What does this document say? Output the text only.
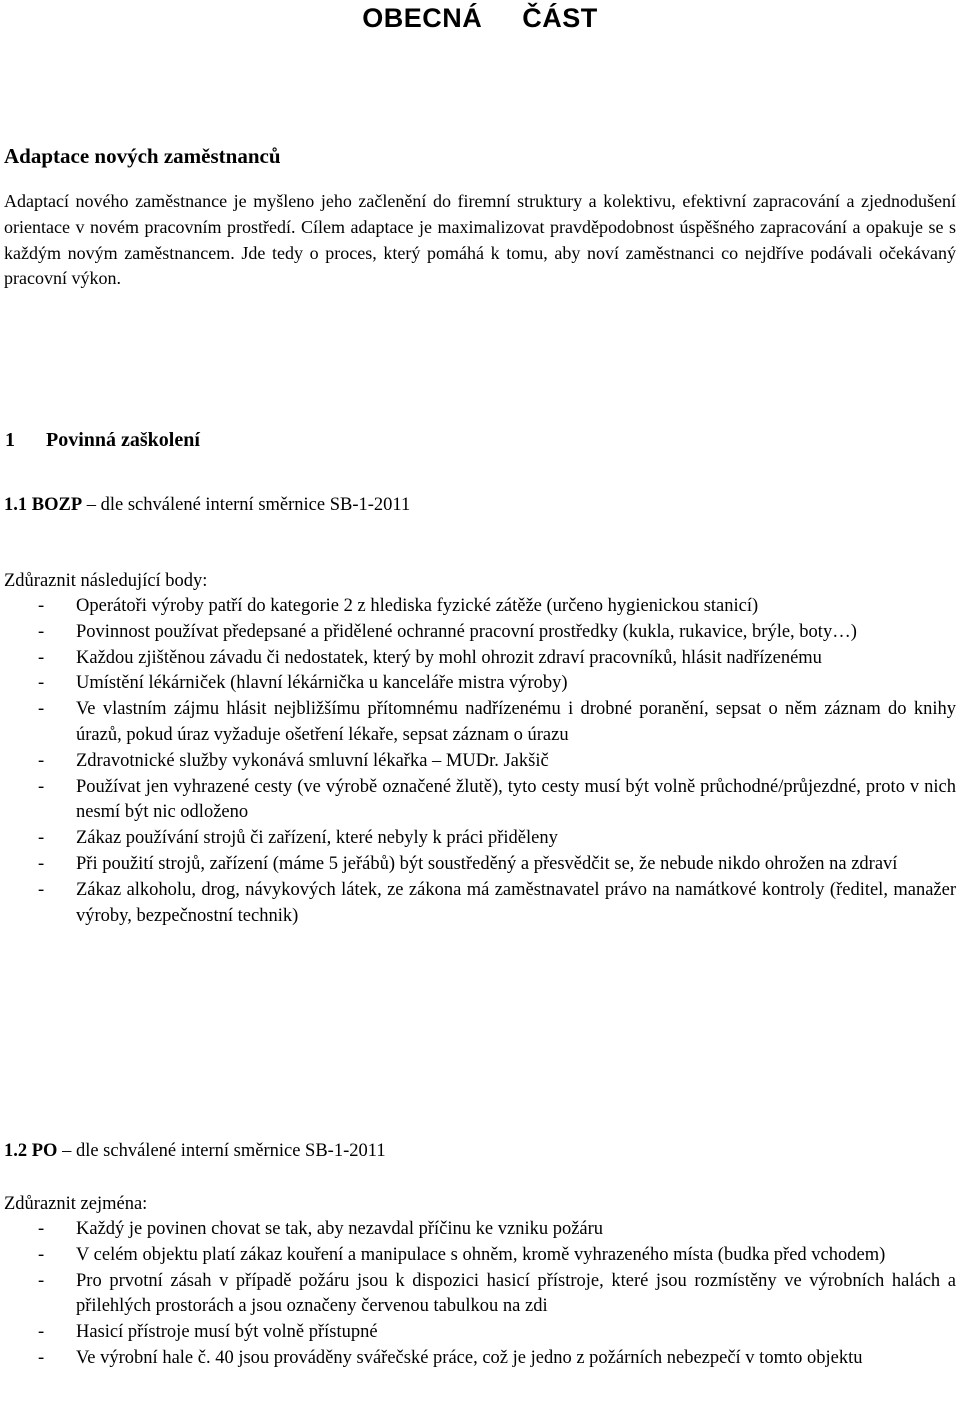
OBECNÁ  ČÁST
Adaptace nových zaměstnanců
Adaptací nového zaměstnance je myšleno jeho začlenění do firemní struktury a kolektivu, efektivní zapracování a zjednodušení orientace v novém pracovním prostředí. Cílem adaptace je maximalizovat pravděpodobnost úspěšného zapracování a opakuje se s každým novým zaměstnancem. Jde tedy o proces, který pomáhá k tomu, aby noví zaměstnanci co nejdříve podávali očekávaný pracovní výkon.
1 Povinná zaškolení
1.1 BOZP – dle schválené interní směrnice SB-1-2011
Zdůraznit následující body:
- Operátoři výroby patří do kategorie 2 z hlediska fyzické zátěže (určeno hygienickou stanicí)
- Povinnost používat předepsané a přidělené ochranné pracovní prostředky (kukla, rukavice, brýle, boty…)
- Každou zjištěnou závadu či nedostatek, který by mohl ohrozit zdraví pracovníků, hlásit nadřízenému
- Umístění lékárniček (hlavní lékárnička u kanceláře mistra výroby)
- Ve vlastním zájmu hlásit nejbližšímu přítomnému nadřízenému i drobné poranění, sepsat o něm záznam do knihy úrazů, pokud úraz vyžaduje ošetření lékaře, sepsat záznam o úrazu
- Zdravotnické služby vykonává smluvní lékařka – MUDr. Jakšič
- Používat jen vyhrazené cesty (ve výrobě označené žlutě), tyto cesty musí být volně průchodné/průjezdné, proto v nich nesmí být nic odloženo
- Zákaz používání strojů či zařízení, které nebyly k práci přiděleny
- Při použití strojů, zařízení (máme 5 jeřábů) být soustředěný a přesvědčit se, že nebude nikdo ohrožen na zdraví
- Zákaz alkoholu, drog, návykových látek, ze zákona má zaměstnavatel právo na namátkové kontroly (ředitel, manažer výroby, bezpečnostní technik)
1.2 PO – dle schválené interní směrnice SB-1-2011
Zdůraznit zejména:
- Každý je povinen chovat se tak, aby nezavdal příčinu ke vzniku požáru
- V celém objektu platí zákaz kouření a manipulace s ohněm, kromě vyhrazeného místa (budka před vchodem)
- Pro prvotní zásah v případě požáru jsou k dispozici hasicí přístroje, které jsou rozmístěny ve výrobních halách a přilehlých prostorách a jsou označeny červenou tabulkou na zdi
- Hasicí přístroje musí být volně přístupné
- Ve výrobní hale č. 40 jsou prováděny svářečské práce, což je jedno z požárních nebezpečí v tomto objektu
